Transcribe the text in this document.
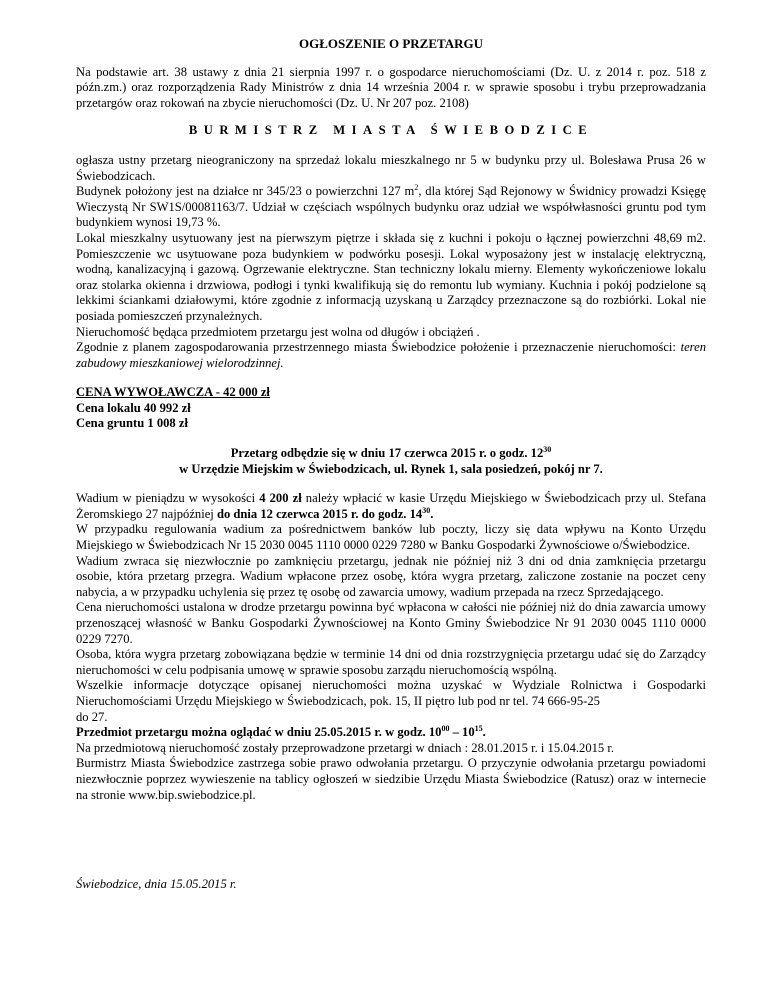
OGŁOSZENIE O PRZETARGU

Na podstawie art. 38 ustawy z dnia 21 sierpnia 1997 r. o gospodarce nieruchomościami (Dz. U. z 2014 r. poz. 518 z późn.zm.) oraz rozporządzenia Rady Ministrów z dnia 14 września 2004 r. w sprawie sposobu i trybu przeprowadzania przetargów oraz rokowań na zbycie nieruchomości (Dz. U. Nr 207 poz. 2108)

BURMISTRZ MIASTA ŚWIEBODZICE

ogłasza ustny przetarg nieograniczony na sprzedaż lokalu mieszkalnego nr 5 w budynku przy ul. Bolesława Prusa 26 w Świebodzicach.

Budynek położony jest na działce nr 345/23 o powierzchni 127 $m^2$, dla której Sąd Rejonowy w Świdnicy prowadzi Księgę Wieczystą Nr SW1S/00081163/7. Udział w częściach wspólnych budynku oraz udział we współwłasności gruntu pod tym budynkiem wynosi 19,73 %.

Lokal mieszkalny usytuowany jest na pierwszym piętrze i składa się z kuchni i pokoju o łącznej powierzchni 48,69 m2. Pomieszczenie wc usytuowane poza budynkiem w podwórku posesji. Lokal wyposażony jest w instalację elektryczną, wodną, kanalizacyjną i gazową. Ogrzewanie elektryczne. Stan techniczny lokalu mierny. Elementy wykończeniowe lokalu oraz stolarka okienna i drzwiowa, podłogi i tynki kwalifikują się do remontu lub wymiany. Kuchnia i pokój podzielone są lekkimi ściankami działowymi, które zgodnie z informacją uzyskaną u Zarządcy przeznaczone są do rozbiórki. Lokal nie posiada pomieszczeń przynależnych.

Nieruchomość będąca przedmiotem przetargu jest wolna od długów i obciążeń .

Zgodnie z planem zagospodarowania przestrzennego miasta Świebodzice położenie i przeznaczenie nieruchomości: teren zabudowy mieszkaniowej wielorodzinnej.

CENA WYWOŁAWCZA - 42 000 zł

Cena lokalu 40 992 zł

Cena gruntu 1 008 zł

Przetarg odbędzie się w dniu 17 czerwca 2015 r. o godz. $12^{30}$

w Urzędzie Miejskim w Świebodzicach, ul. Rynek 1, sala posiedzeń, pokój nr 7.

Wadium w pieniądzu w wysokości 4 200 zł należy wpłacić w kasie Urzędu Miejskiego w Świebodzicach przy ul. Stefana Żeromskiego 27 najpóźniej do dnia 12 czerwca 2015 r. do godz. $14^{30}$.

W przypadku regulowania wadium za pośrednictwem banków lub poczty, liczy się data wpływu na Konto Urzędu Miejskiego w Świebodzicach Nr 15 2030 0045 1110 0000 0229 7280 w Banku Gospodarki Żywnościowe o/Świebodzice.

Wadium zwraca się niezwłocznie po zamknięciu przetargu, jednak nie później niż 3 dni od dnia zamknięcia przetargu osobie, która przetarg przegra. Wadium wpłacone przez osobę, która wygra przetarg, zaliczone zostanie na poczet ceny nabycia, a w przypadku uchylenia się przez tę osobę od zawarcia umowy, wadium przepada na rzecz Sprzedającego.

Cena nieruchomości ustalona w drodze przetargu powinna być wpłacona w całości nie później niż do dnia zawarcia umowy przenoszącej własność w Banku Gospodarki Żywnościowej na Konto Gminy Świebodzice Nr 91 2030 0045 1110 0000 0229 7270.

Osoba, która wygra przetarg zobowiązana będzie w terminie 14 dni od dnia rozstrzygnięcia przetargu udać się do Zarządcy nieruchomości w celu podpisania umowę w sprawie sposobu zarządu nieruchomością wspólną.

Wszelkie informacje dotyczące opisanej nieruchomości można uzyskać w Wydziale Rolnictwa i Gospodarki Nieruchomościami Urzędu Miejskiego w Świebodzicach, pok. 15, II piętro lub pod nr tel. 74 666-95-25

do 27.

Przedmiot przetargu można oglądać w dniu 25.05.2015 r. w godz. $10^{00} - 10^{15}$.

Na przedmiotową nieruchomość zostały przeprowadzone przetargi w dniach : 28.01.2015 r. i 15.04.2015 r.

Burmistrz Miasta Świebodzice zastrzega sobie prawo odwołania przetargu. O przyczynie odwołania przetargu powiadomi niezwłocznie poprzez wywieszenie na tablicy ogłoszeń w siedzibie Urzędu Miasta Świebodzice (Ratusz) oraz w internecie na stronie www.bip.swiebodzice.pl.

Świebodzice, dnia 15.05.2015 r.
